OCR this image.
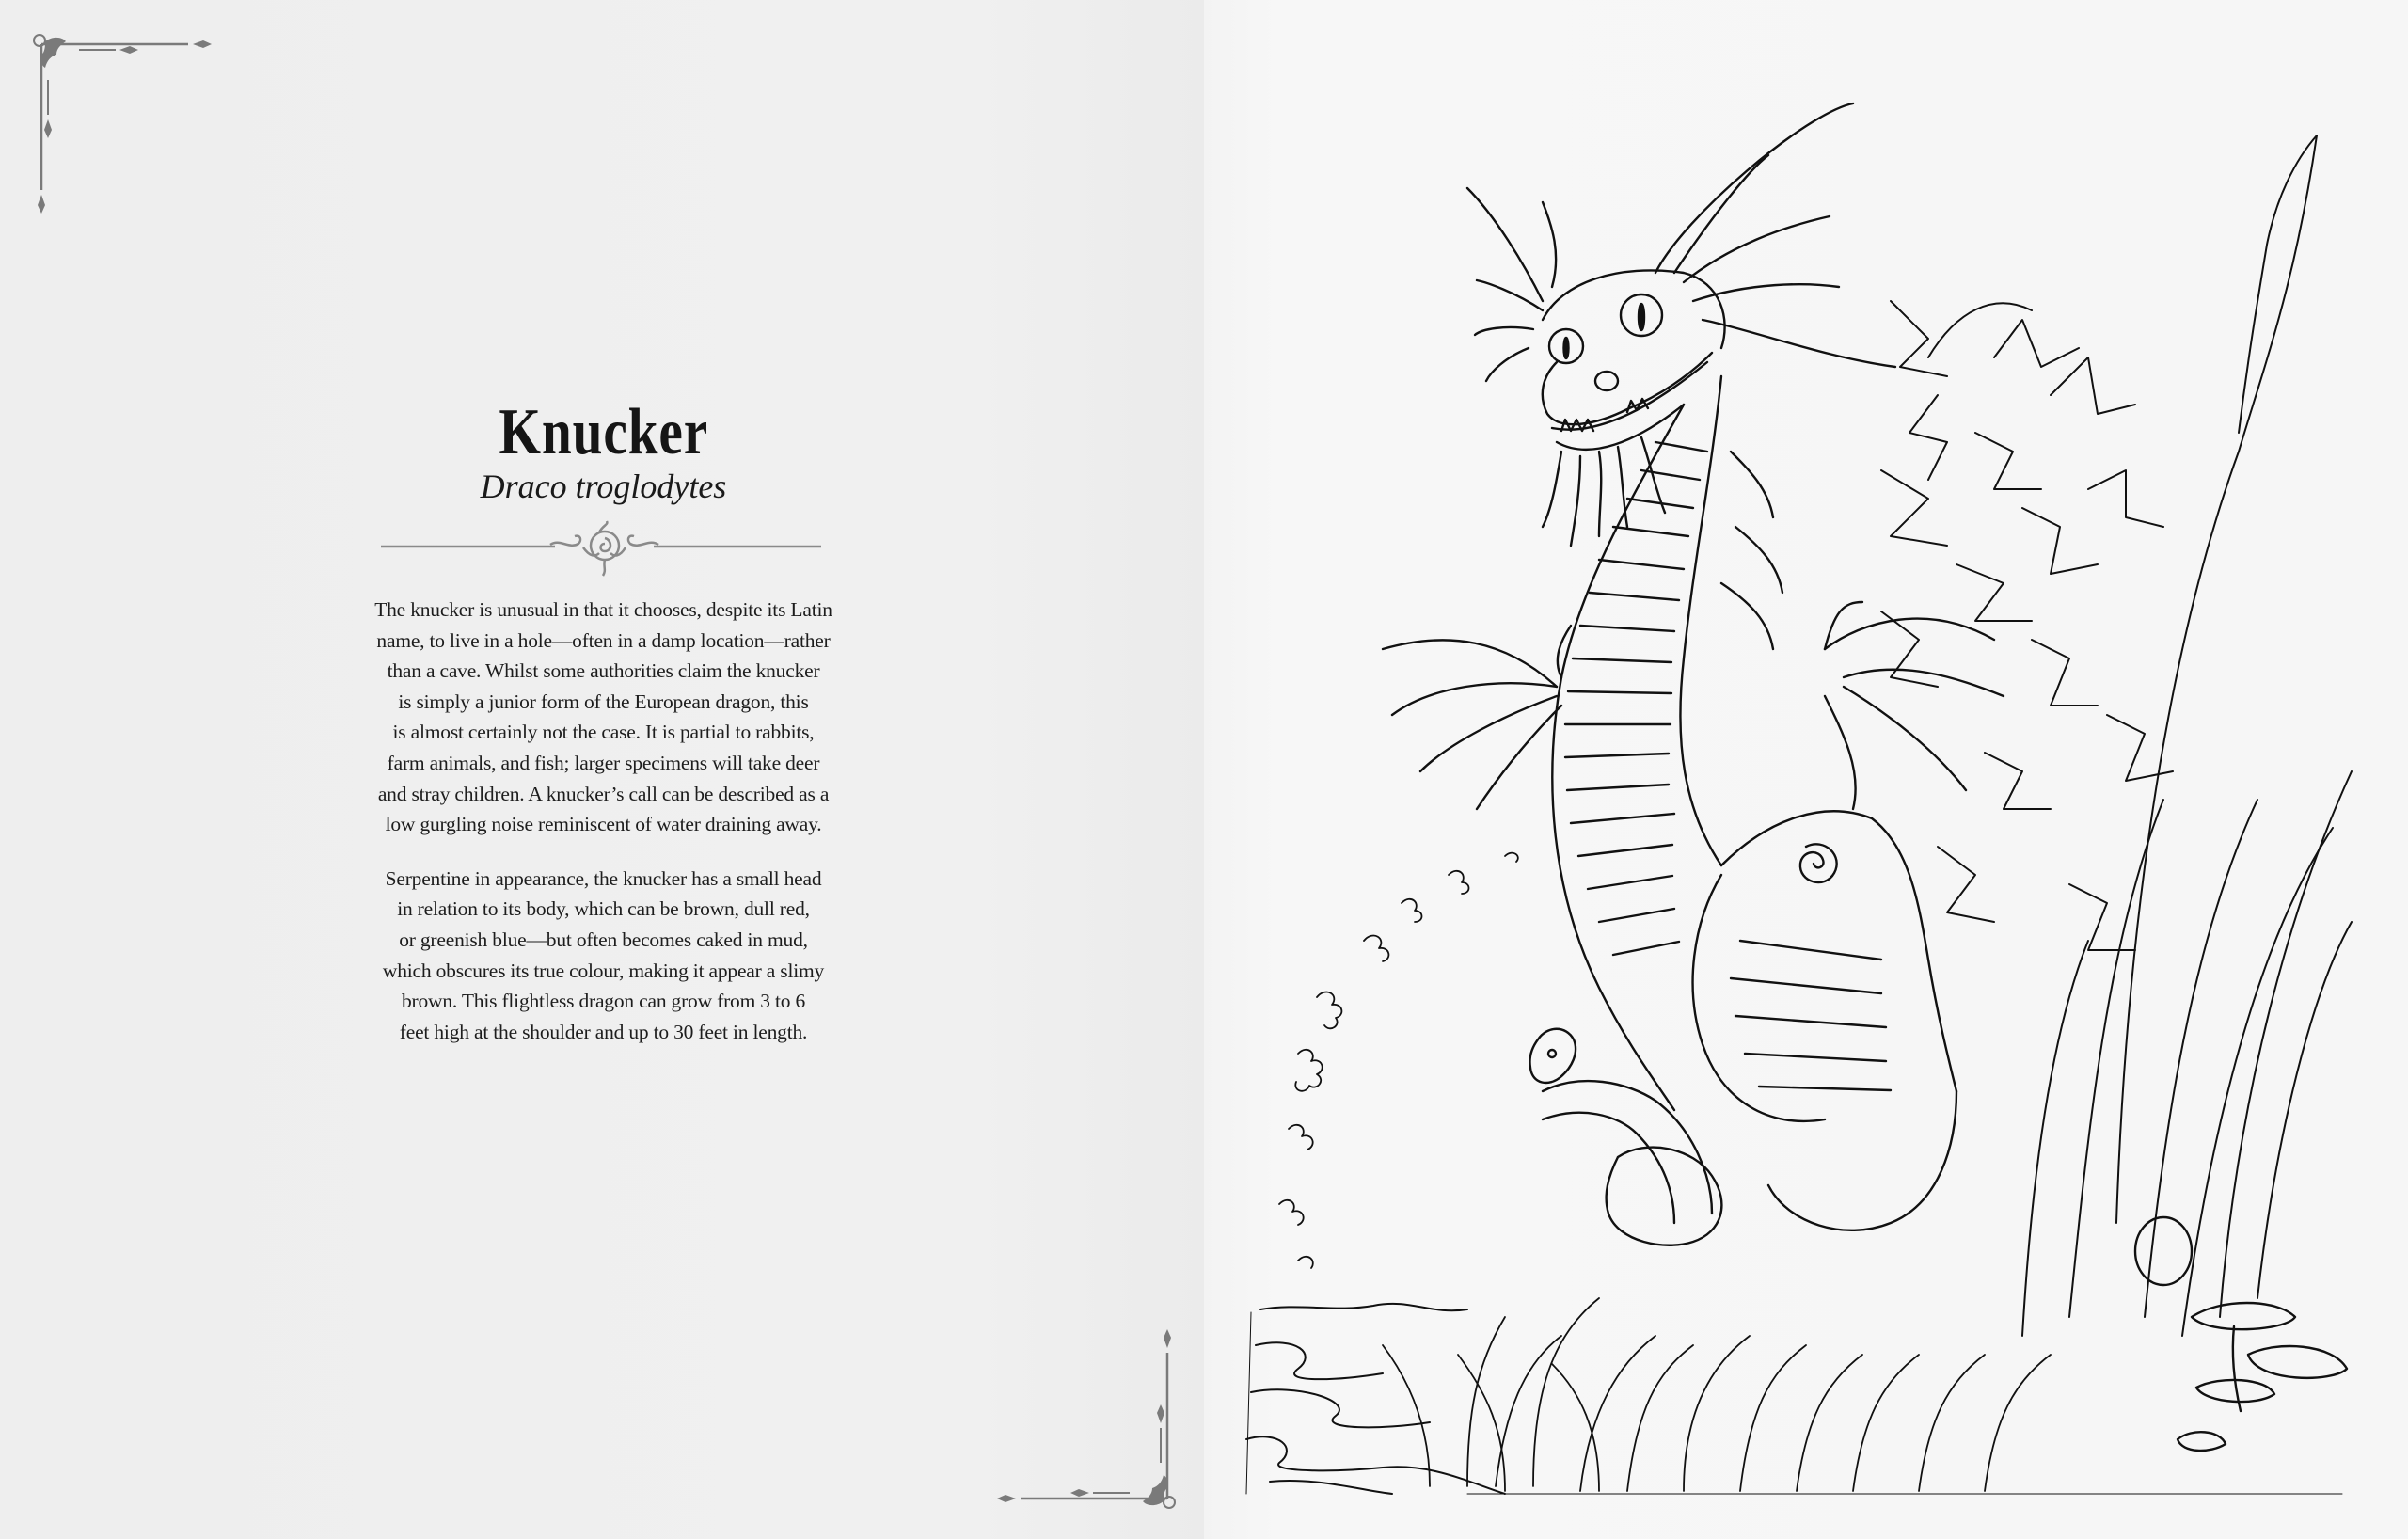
Knucker
Draco troglodytes

The knucker is unusual in that it chooses, despite its Latin
name, to live in a hole—often in a damp location—rather
than a cave. Whilst some authorities claim the knucker
is simply a junior form of the European dragon, this
is almost certainly not the case. It is partial to rabbits,
farm animals, and fish; larger specimens will take deer
and stray children. A knucker’s call can be described as a
low gurgling noise reminiscent of water draining away.

Serpentine in appearance, the knucker has a small head
in relation to its body, which can be brown, dull red,
or greenish blue—but often becomes caked in mud,
which obscures its true colour, making it appear a slimy
brown. This flightless dragon can grow from 3 to 6
feet high at the shoulder and up to 30 feet in length.
